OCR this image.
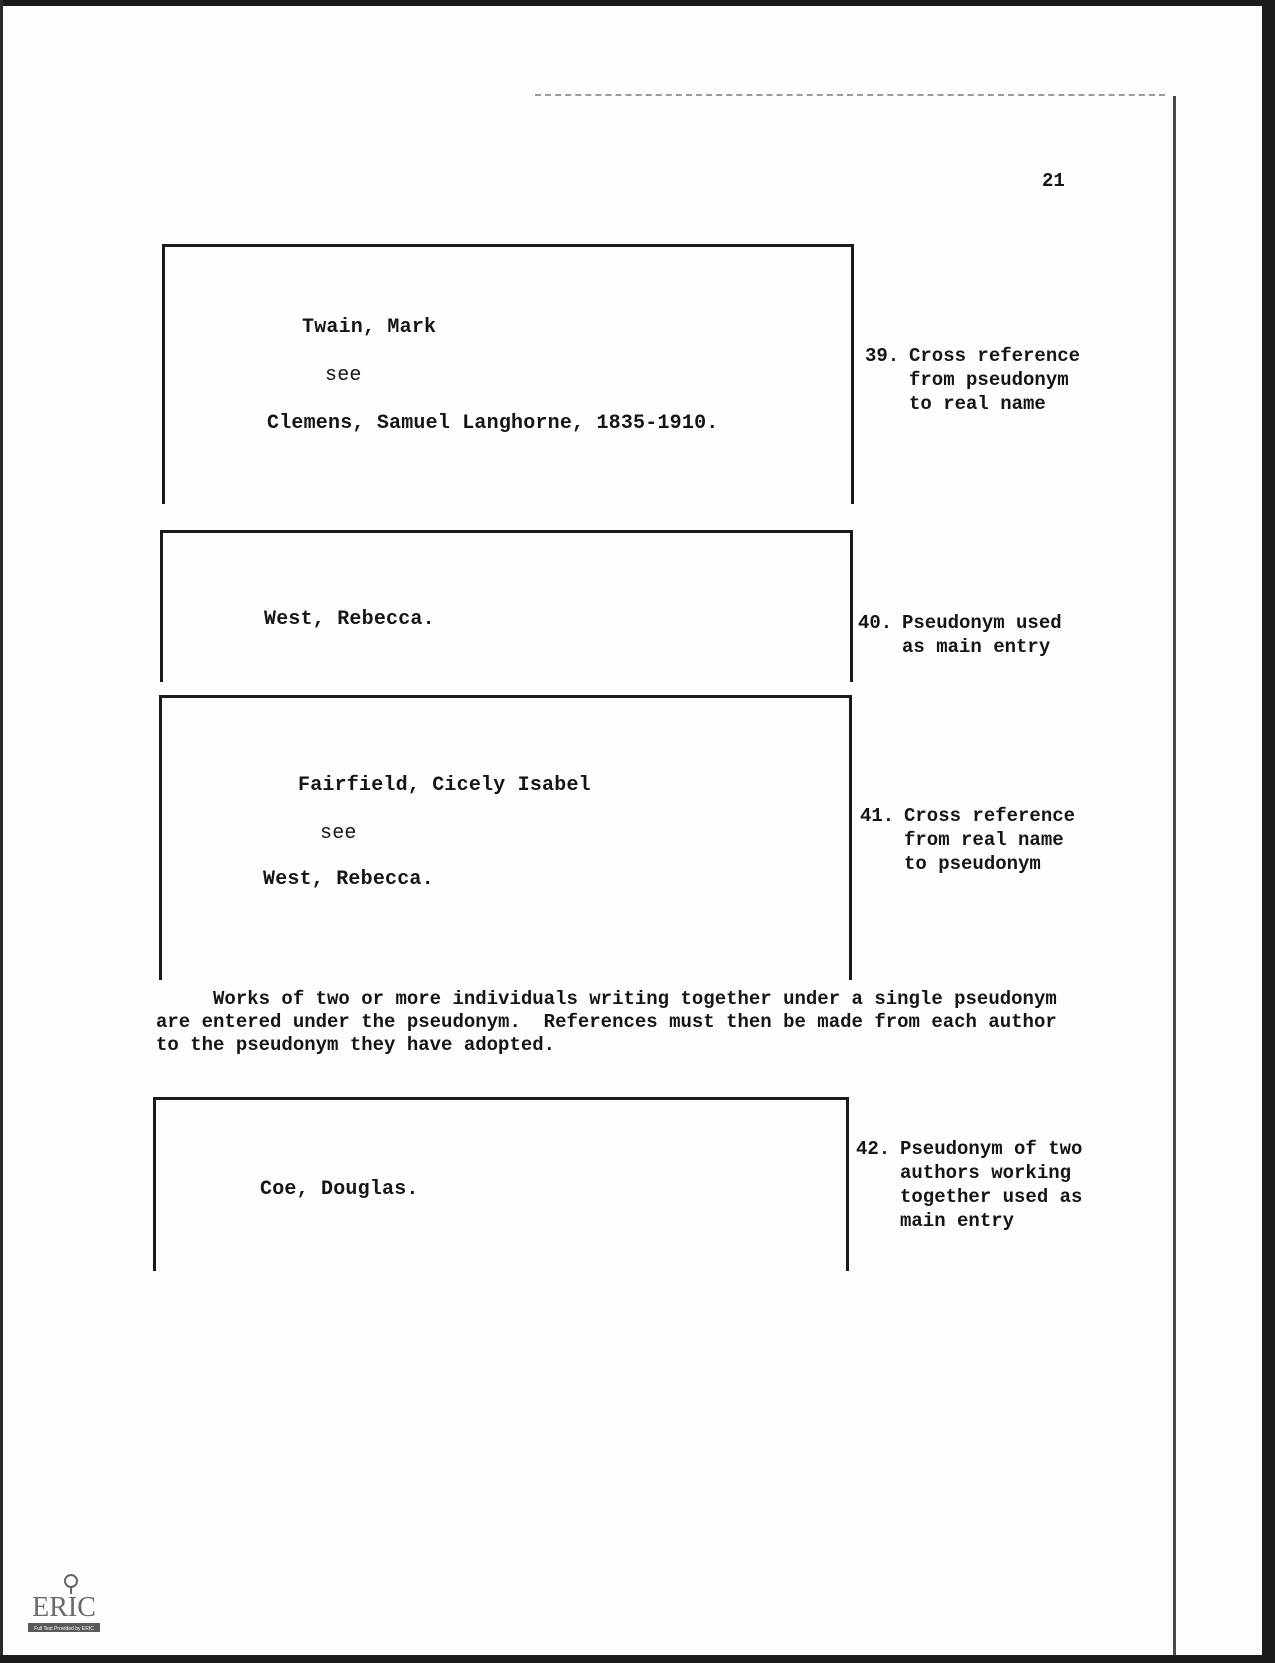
21
Twain, Mark
see
Clemens, Samuel Langhorne, 1835-1910.
39. Cross reference
from pseudonym
to real name
West, Rebecca.	40. Pseudonym used
as main entry
Fairfield, Cicely Isabel
see
West, Rebecca.
41. Cross reference
from real name
to pseudonym
Works of two or more individuals writing together under a single pseudonym
are entered under the pseudonym.  References must then be made from each author
to the pseudonym they have adopted.
Coe, Douglas.
42. Pseudonym of two
authors working
together used as
main entry
ERIC
Full Text Provided by ERIC
